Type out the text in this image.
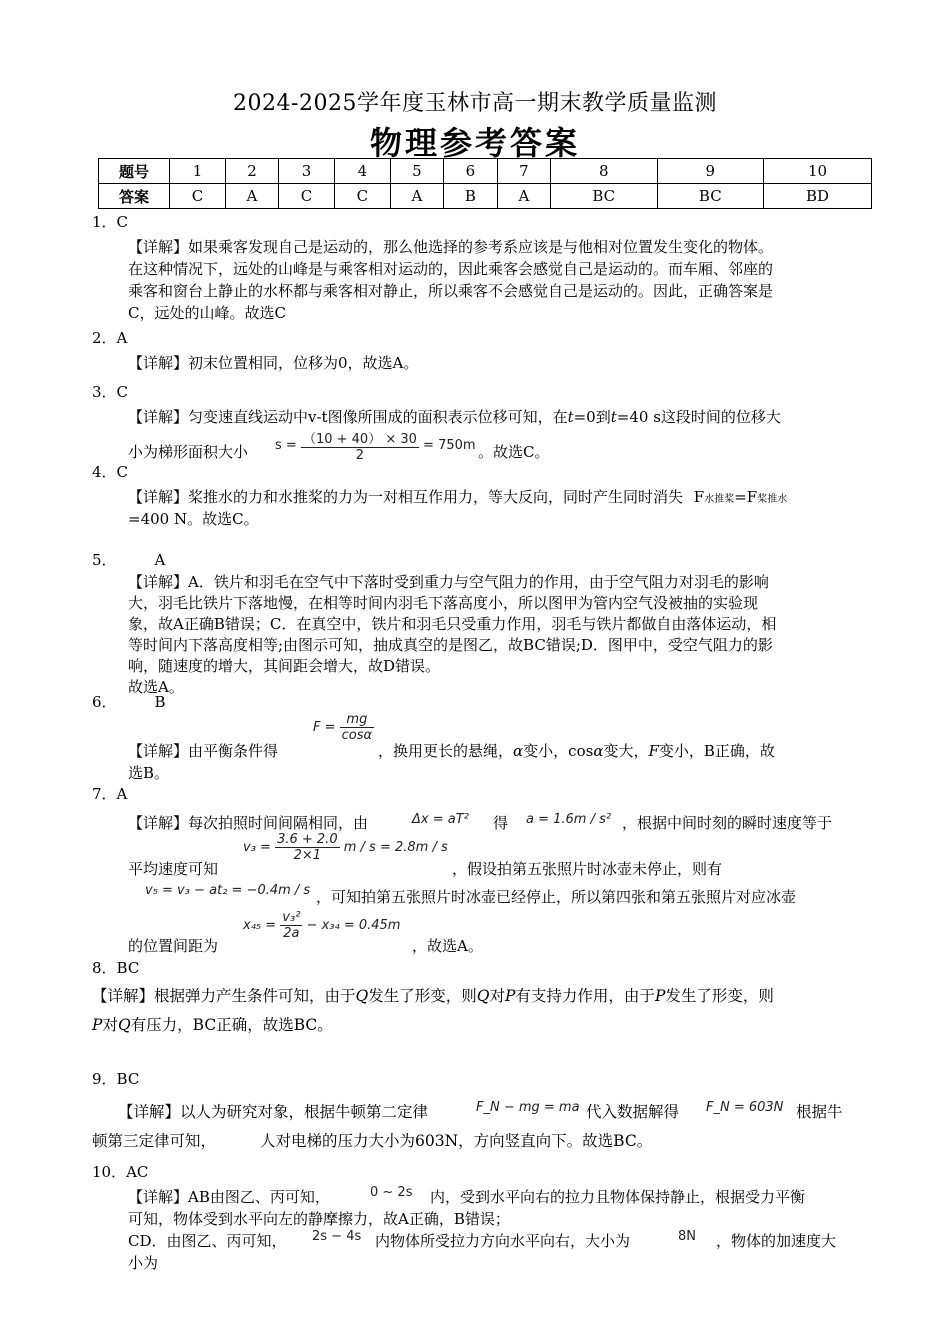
2024-2025学年度玉林市高一期末教学质量监测
物理参考答案
题号	1	2	3	4	5	6	7	8	9	10
答案	C	A	C	C	A	B	A	BC	BC	BD
1．C
【详解】如果乘客发现自己是运动的，那么他选择的参考系应该是与他相对位置发生变化的物体。
在这种情况下，远处的山峰是与乘客相对运动的，因此乘客会感觉自己是运动的。而车厢、邻座的
乘客和窗台上静止的水杯都与乘客相对静止，所以乘客不会感觉自己是运动的。因此，正确答案是
C，远处的山峰。故选C
2．A
【详解】初末位置相同，位移为0，故选A。
3．C
【详解】匀变速直线运动中v-t图像所围成的面积表示位移可知，在t=0到t=40 s这段时间的位移大
小为梯形面积大小 $s = \frac{(10 + 40) \times 30}{2} = 750m$ 。故选C。
4．C
【详解】桨推水的力和水推桨的力为一对相互作用力，等大反向，同时产生同时消失 F水推桨=F桨推水
=400 N。故选C。
5．	A
【详解】A．铁片和羽毛在空气中下落时受到重力与空气阻力的作用，由于空气阻力对羽毛的影响
大，羽毛比铁片下落地慢，在相等时间内羽毛下落高度小，所以图甲为管内空气没被抽的实验现
象，故A正确B错误；C．在真空中，铁片和羽毛只受重力作用，羽毛与铁片都做自由落体运动，相
等时间内下落高度相等;由图示可知，抽成真空的是图乙，故BC错误;D．图甲中，受空气阻力的影
响，随速度的增大，其间距会增大，故D错误。
故选A。
6．	B
$F = \frac{mg}{\cos\alpha}$
【详解】由平衡条件得	，换用更长的悬绳，α变小，cosα变大，F变小，B正确，故
选B。
7．A
【详解】每次拍照时间间隔相同，由	Δx = aT² 得 a = 1.6m / s² ，根据中间时刻的瞬时速度等于
平均速度可知
$v_3 = \frac{3.6 + 2.0}{2\times 1}$ m / s = 2.8m / s
，假设拍第五张照片时冰壶未停止，则有
v₅ = v₃ − at₂ = −0.4m / s ，可知拍第五张照片时冰壶已经停止，所以第四张和第五张照片对应冰壶
的位置间距为
$x_{45} = \frac{\text{v₃²}}{2a} - x_{34} = 0.45m$
，故选A。
8．BC
【详解】根据弹力产生条件可知，由于Q发生了形变，则Q对P有支持力作用，由于P发生了形变，则
P对Q有压力，BC正确，故选BC。
9．BC
【详解】以人为研究对象，根据牛顿第二定律	F_N − mg = ma 代入数据解得 F_N = 603N 根据牛
顿第三定律可知，	人对电梯的压力大小为603N，方向竖直向下。故选BC。
10．AC
【详解】AB由图乙、丙可知，	0 ~ 2s 内，受到水平向右的拉力且物体保持静止，根据受力平衡
可知，物体受到水平向左的静摩擦力，故A正确，B错误；
CD．由图乙、丙可知， 2s − 4s 内物体所受拉力方向水平向右，大小为	8N ，物体的加速度大
小为
